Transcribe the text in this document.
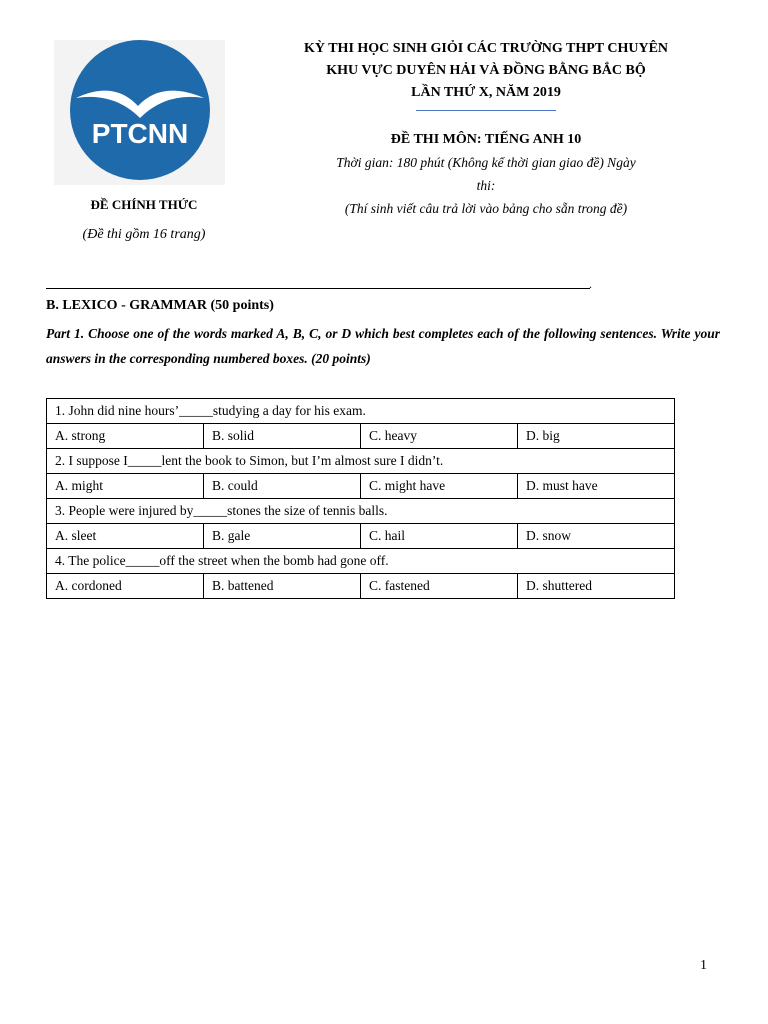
PTCNN
ĐỀ CHÍNH THỨC
(Đề thi gồm 16 trang)
KỲ THI HỌC SINH GIỎI CÁC TRƯỜNG THPT CHUYÊN
KHU VỰC DUYÊN HẢI VÀ ĐỒNG BẰNG BẮC BỘ
LẦN THỨ X, NĂM 2019
ĐỀ THI MÔN: TIẾNG ANH 10
Thời gian: 180 phút (Không kể thời gian giao đề) Ngày thi:
(Thí sinh viết câu trả lời vào bảng cho sẵn trong đề)
.
B. LEXICO - GRAMMAR (50 points)
Part 1. Choose one of the words marked A, B, C, or D which best completes each of the following sentences. Write your answers in the corresponding numbered boxes. (20 points)
1. John did nine hours’_____studying a day for his exam.			
A. strong	B. solid	C. heavy	D. big
2. I suppose I_____lent the book to Simon, but I’m almost sure I didn’t.			
A. might	B. could	C. might have	D. must have
3. People were injured by_____stones the size of tennis balls.			
A. sleet	B. gale	C. hail	D. snow
4. The police_____off the street when the bomb had gone off.			
A. cordoned	B. battened	C. fastened	D. shuttered
1
